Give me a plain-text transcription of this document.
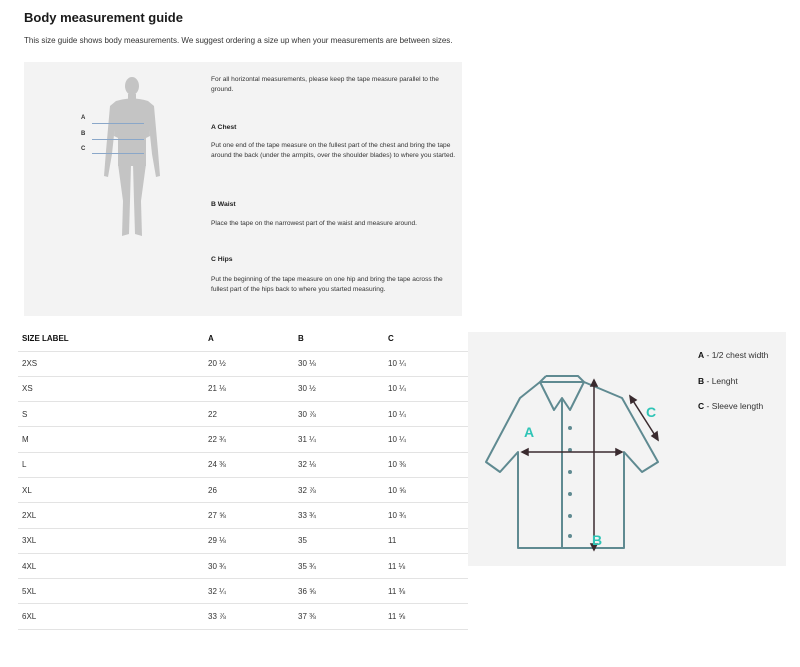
Body measurement guide
This size guide shows body measurements. We suggest ordering a size up when your measurements are between sizes.
A
B
C
For all horizontal measurements, please keep the tape measure parallel to the ground.
A Chest
Put one end of the tape measure on the fullest part of the chest and bring the tape around the back (under the armpits, over the shoulder blades) to where you started.
B Waist
Place the tape on the narrowest part of the waist and measure around.
C Hips
Put the beginning of the tape measure on one hip and bring the tape across the fullest part of the hips back to where you started measuring.
SIZE LABEL	A	B	C
2XS	20 ½	30 ⅛	10 ¼
XS	21 ⅛	30 ½	10 ¼
S	22	30 ⅞	10 ¼
M	22 ¾	31 ¼	10 ¼
L	24 ⅜	32 ⅛	10 ⅜
XL	26	32 ⅞	10 ⅝
2XL	27 ⅝	33 ¾	10 ¾
3XL	29 ⅛	35	11
4XL	30 ¾	35 ¾	11 ⅛
5XL	32 ¼	36 ⅝	11 ⅜
6XL	33 ⅞	37 ⅜	11 ⅝
A
B
C
A - 1/2 chest width
B - Lenght
C - Sleeve length
